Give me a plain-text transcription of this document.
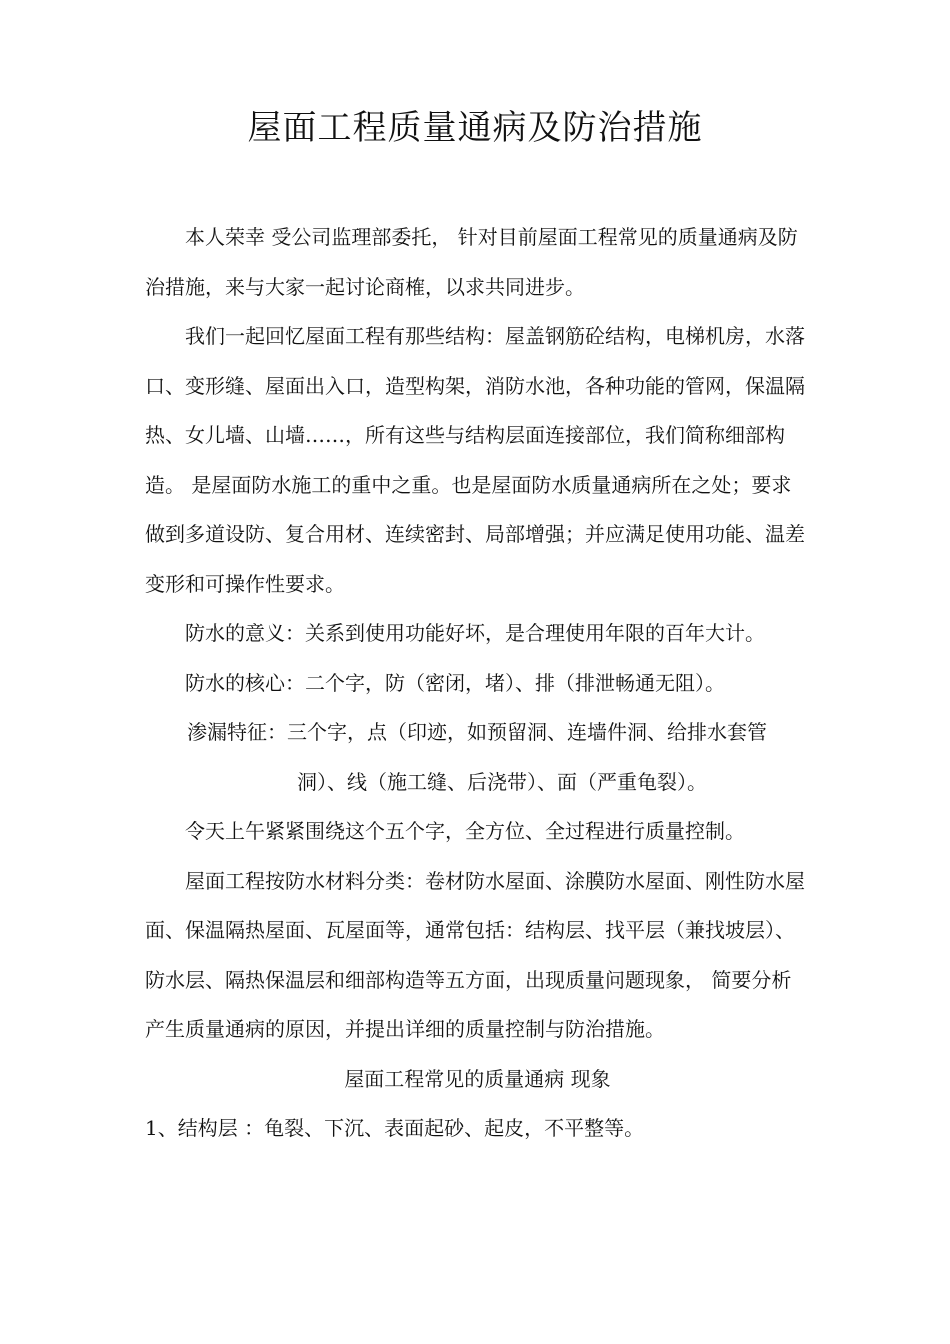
屋面工程质量通病及防治措施

本人荣幸 受公司监理部委托， 针对目前屋面工程常见的质量通病及防治措施，来与大家一起讨论商榷，以求共同进步。

我们一起回忆屋面工程有那些结构：屋盖钢筋砼结构，电梯机房，水落口、变形缝、屋面出入口，造型构架，消防水池，各种功能的管网，保温隔热、女儿墙、山墙……，所有这些与结构层面连接部位，我们简称细部构造。 是屋面防水施工的重中之重。也是屋面防水质量通病所在之处；要求做到多道设防、复合用材、连续密封、局部增强；并应满足使用功能、温差变形和可操作性要求。

防水的意义：关系到使用功能好坏，是合理使用年限的百年大计。

防水的核心：二个字，防（密闭，堵）、排（排泄畅通无阻）。

渗漏特征：三个字，点（印迹，如预留洞、连墙件洞、给排水套管洞）、线（施工缝、后浇带）、面（严重龟裂）。

令天上午紧紧围绕这个五个字，全方位、全过程进行质量控制。

屋面工程按防水材料分类：卷材防水屋面、涂膜防水屋面、刚性防水屋面、保温隔热屋面、瓦屋面等，通常包括：结构层、找平层（兼找坡层）、防水层、隔热保温层和细部构造等五方面，出现质量问题现象， 简要分析产生质量通病的原因，并提出详细的质量控制与防治措施。

屋面工程常见的质量通病 现象

1、结构层 ：龟裂、下沉、表面起砂、起皮，不平整等。
